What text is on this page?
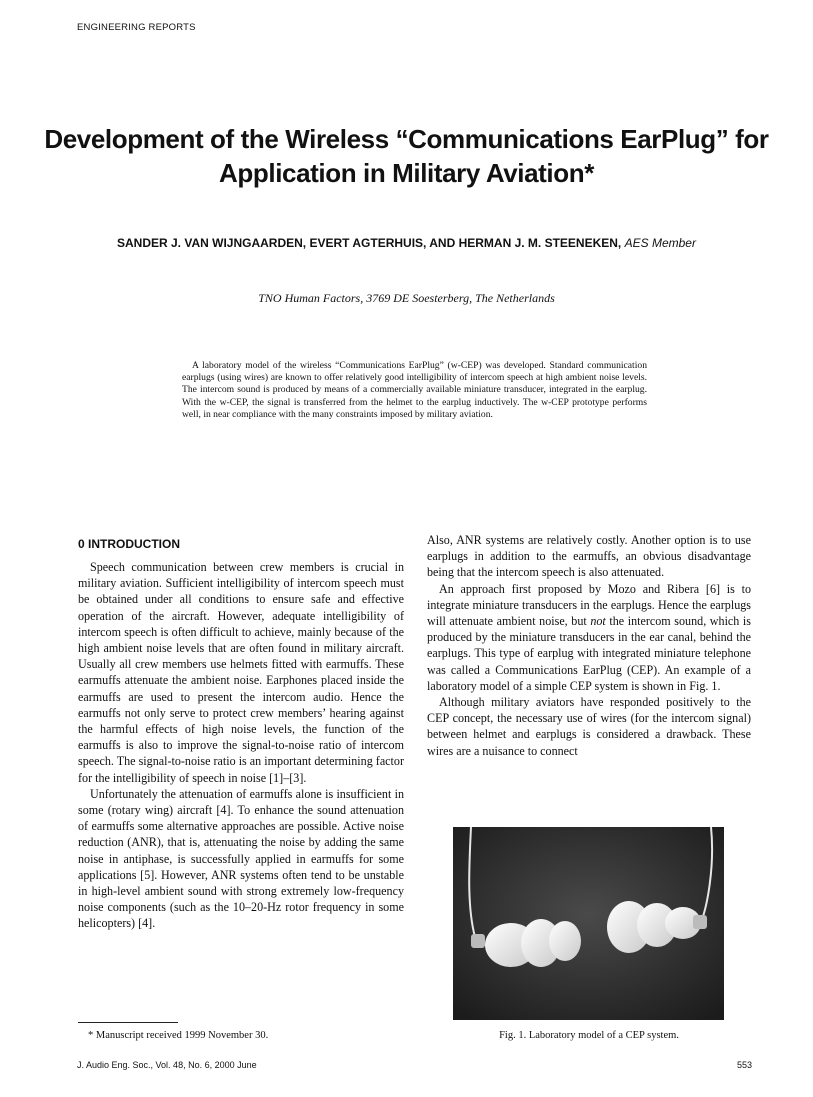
ENGINEERING REPORTS
Development of the Wireless “Communications EarPlug” for Application in Military Aviation*
SANDER J. VAN WIJNGAARDEN, EVERT AGTERHUIS, AND HERMAN J. M. STEENEKEN, AES Member
TNO Human Factors, 3769 DE Soesterberg, The Netherlands
A laboratory model of the wireless “Communications EarPlug” (w-CEP) was developed. Standard communication earplugs (using wires) are known to offer relatively good intelligibility of intercom speech at high ambient noise levels. The intercom sound is produced by means of a commercially available miniature transducer, integrated in the earplug. With the w-CEP, the signal is transferred from the helmet to the earplug inductively. The w-CEP prototype performs well, in near compliance with the many constraints imposed by military aviation.
0 INTRODUCTION

Speech communication between crew members is crucial in military aviation. Sufficient intelligibility of intercom speech must be obtained under all conditions to ensure safe and effective operation of the aircraft. However, adequate intelligibility of intercom speech is often difficult to achieve, mainly because of the high ambient noise levels that are often found in military aircraft. Usually all crew members use helmets fitted with earmuffs. These earmuffs attenuate the ambient noise. Earphones placed inside the earmuffs are used to present the intercom audio. Hence the earmuffs not only serve to protect crew members’ hearing against the harmful effects of high noise levels, the function of the earmuffs is also to improve the signal-to-noise ratio of intercom speech. The signal-to-noise ratio is an important determining factor for the intelligibility of speech in noise [1]–[3].

Unfortunately the attenuation of earmuffs alone is insufficient in some (rotary wing) aircraft [4]. To enhance the sound attenuation of earmuffs some alternative approaches are possible. Active noise reduction (ANR), that is, attenuating the noise by adding the same noise in antiphase, is successfully applied in earmuffs for some applications [5]. However, ANR systems often tend to be unstable in high-level ambient sound with strong extremely low-frequency noise components (such as the 10–20-Hz rotor frequency in some helicopters) [4].

Also, ANR systems are relatively costly. Another option is to use earplugs in addition to the earmuffs, an obvious disadvantage being that the intercom speech is also attenuated.

An approach first proposed by Mozo and Ribera [6] is to integrate miniature transducers in the earplugs. Hence the earplugs will attenuate ambient noise, but not the intercom sound, which is produced by the miniature transducers in the ear canal, behind the earplugs. This type of earplug with integrated miniature telephone was called a Communications EarPlug (CEP). An example of a laboratory model of a simple CEP system is shown in Fig. 1.

Although military aviators have responded positively to the CEP concept, the necessary use of wires (for the intercom signal) between helmet and earplugs is considered a drawback. These wires are a nuisance to connect

Fig. 1. Laboratory model of a CEP system.
* Manuscript received 1999 November 30.
J. Audio Eng. Soc., Vol. 48, No. 6, 2000 June	553
